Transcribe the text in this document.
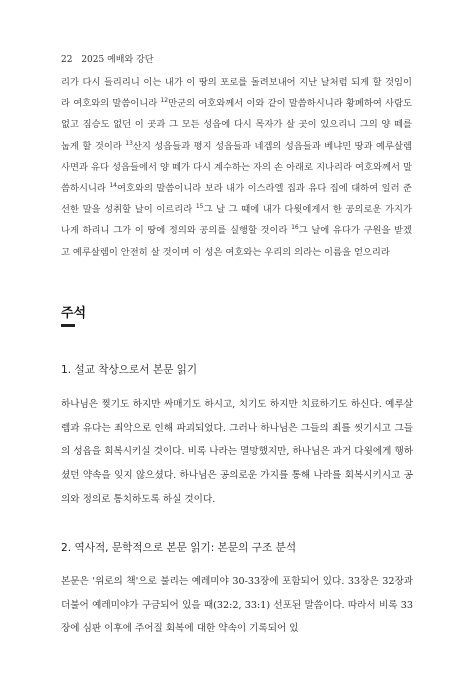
22 2025 예배와 강단
리가 다시 들리리니 이는 내가 이 땅의 포로를 돌려보내어 지난 날처럼 되게 할 것임이라 여호와의 말씀이니라 $^{12}$만군의 여호와께서 이와 같이 말씀하시니라 황폐하여 사람도 없고 짐승도 없던 이 곳과 그 모든 성읍에 다시 목자가 살 곳이 있으리니 그의 양 떼를 눕게 할 것이라 $^{13}$산지 성읍들과 평지 성읍들과 네겝의 성읍들과 베냐민 땅과 예루살렘 사면과 유다 성읍들에서 양 떼가 다시 계수하는 자의 손 아래로 지나리라 여호와께서 말씀하시니라 $^{14}$여호와의 말씀이니라 보라 내가 이스라엘 집과 유다 집에 대하여 일러 준 선한 말을 성취할 날이 이르리라 $^{15}$그 날 그 때에 내가 다윗에게서 한 공의로운 가지가 나게 하리니 그가 이 땅에 정의와 공의를 실행할 것이라 $^{16}$그 날에 유다가 구원을 받겠고 예루살렘이 안전히 살 것이며 이 성은 여호와는 우리의 의라는 이름을 얻으리라
주석
1. 설교 착상으로서 본문 읽기

하나님은 찢기도 하지만 싸매기도 하시고, 치기도 하지만 치료하기도 하신다. 예루살렘과 유다는 죄악으로 인해 파괴되었다. 그러나 하나님은 그들의 죄를 씻기시고 그들의 성읍을 회복시키실 것이다. 비록 나라는 멸망했지만, 하나님은 과거 다윗에게 행하셨던 약속을 잊지 않으셨다. 하나님은 공의로운 가지를 통해 나라를 회복시키시고 공의와 정의로 통치하도록 하실 것이다.

2. 역사적, 문학적으로 본문 읽기: 본문의 구조 분석

본문은 '위로의 책'으로 불리는 예레미야 30-33장에 포함되어 있다. 33장은 32장과 더불어 예레미야가 구금되어 있을 때(32:2, 33:1) 선포된 말씀이다. 따라서 비록 33장에 심판 이후에 주어질 회복에 대한 약속이 기록되어 있
